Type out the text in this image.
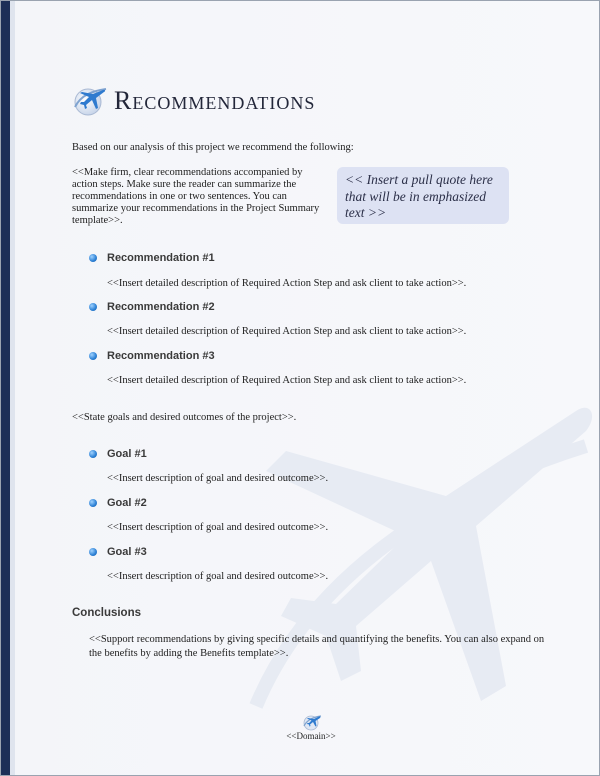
Recommendations
Based on our analysis of this project we recommend the following:
<<Make firm, clear recommendations accompanied by action steps. Make sure the reader can summarize the recommendations in one or two sentences. You can summarize your recommendations in the Project Summary template>>.
<< Insert a pull quote here that will be in emphasized text >>
Recommendation #1
<<Insert detailed description of Required Action Step and ask client to take action>>.
Recommendation #2
<<Insert detailed description of Required Action Step and ask client to take action>>.
Recommendation #3
<<Insert detailed description of Required Action Step and ask client to take action>>.
<<State goals and desired outcomes of the project>>.
Goal #1
<<Insert description of goal and desired outcome>>.
Goal #2
<<Insert description of goal and desired outcome>>.
Goal #3
<<Insert description of goal and desired outcome>>.
Conclusions
<<Support recommendations by giving specific details and quantifying the benefits. You can also expand on the benefits by adding the Benefits template>>.
<<Domain>>
